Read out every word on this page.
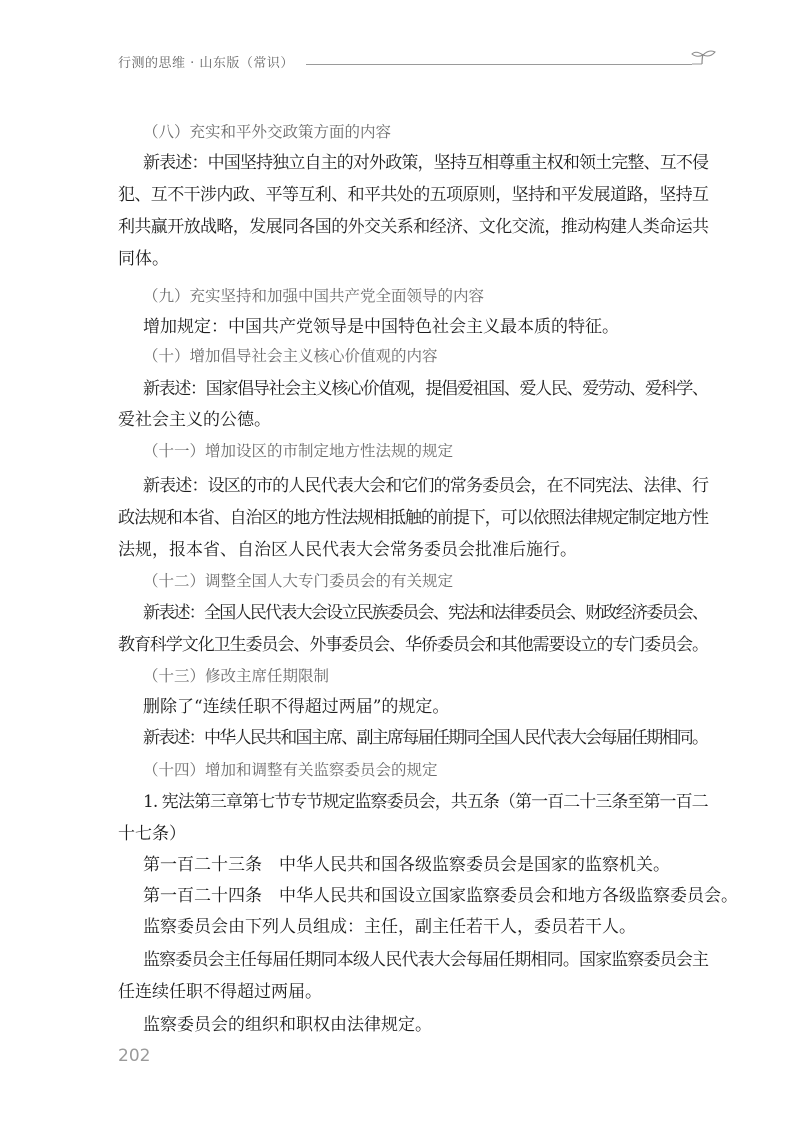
行测的思维 · 山东版（常识）
（八）充实和平外交政策方面的内容
新表述：中国坚持独立自主的对外政策，坚持互相尊重主权和领土完整、互不侵
犯、互不干涉内政、平等互利、和平共处的五项原则，坚持和平发展道路，坚持互
利共赢开放战略，发展同各国的外交关系和经济、文化交流，推动构建人类命运共
同体。
（九）充实坚持和加强中国共产党全面领导的内容
增加规定：中国共产党领导是中国特色社会主义最本质的特征。
（十）增加倡导社会主义核心价值观的内容
新表述：国家倡导社会主义核心价值观，提倡爱祖国、爱人民、爱劳动、爱科学、
爱社会主义的公德。
（十一）增加设区的市制定地方性法规的规定
新表述：设区的市的人民代表大会和它们的常务委员会，在不同宪法、法律、行
政法规和本省、自治区的地方性法规相抵触的前提下，可以依照法律规定制定地方性
法规，报本省、自治区人民代表大会常务委员会批准后施行。
（十二）调整全国人大专门委员会的有关规定
新表述：全国人民代表大会设立民族委员会、宪法和法律委员会、财政经济委员会、
教育科学文化卫生委员会、外事委员会、华侨委员会和其他需要设立的专门委员会。
（十三）修改主席任期限制
删除了“连续任职不得超过两届”的规定。
新表述：中华人民共和国主席、副主席每届任期同全国人民代表大会每届任期相同。
（十四）增加和调整有关监察委员会的规定
1. 宪法第三章第七节专节规定监察委员会，共五条（第一百二十三条至第一百二
十七条）
第一百二十三条　中华人民共和国各级监察委员会是国家的监察机关。
第一百二十四条　中华人民共和国设立国家监察委员会和地方各级监察委员会。
监察委员会由下列人员组成：主任，副主任若干人，委员若干人。
监察委员会主任每届任期同本级人民代表大会每届任期相同。国家监察委员会主
任连续任职不得超过两届。
监察委员会的组织和职权由法律规定。
202
